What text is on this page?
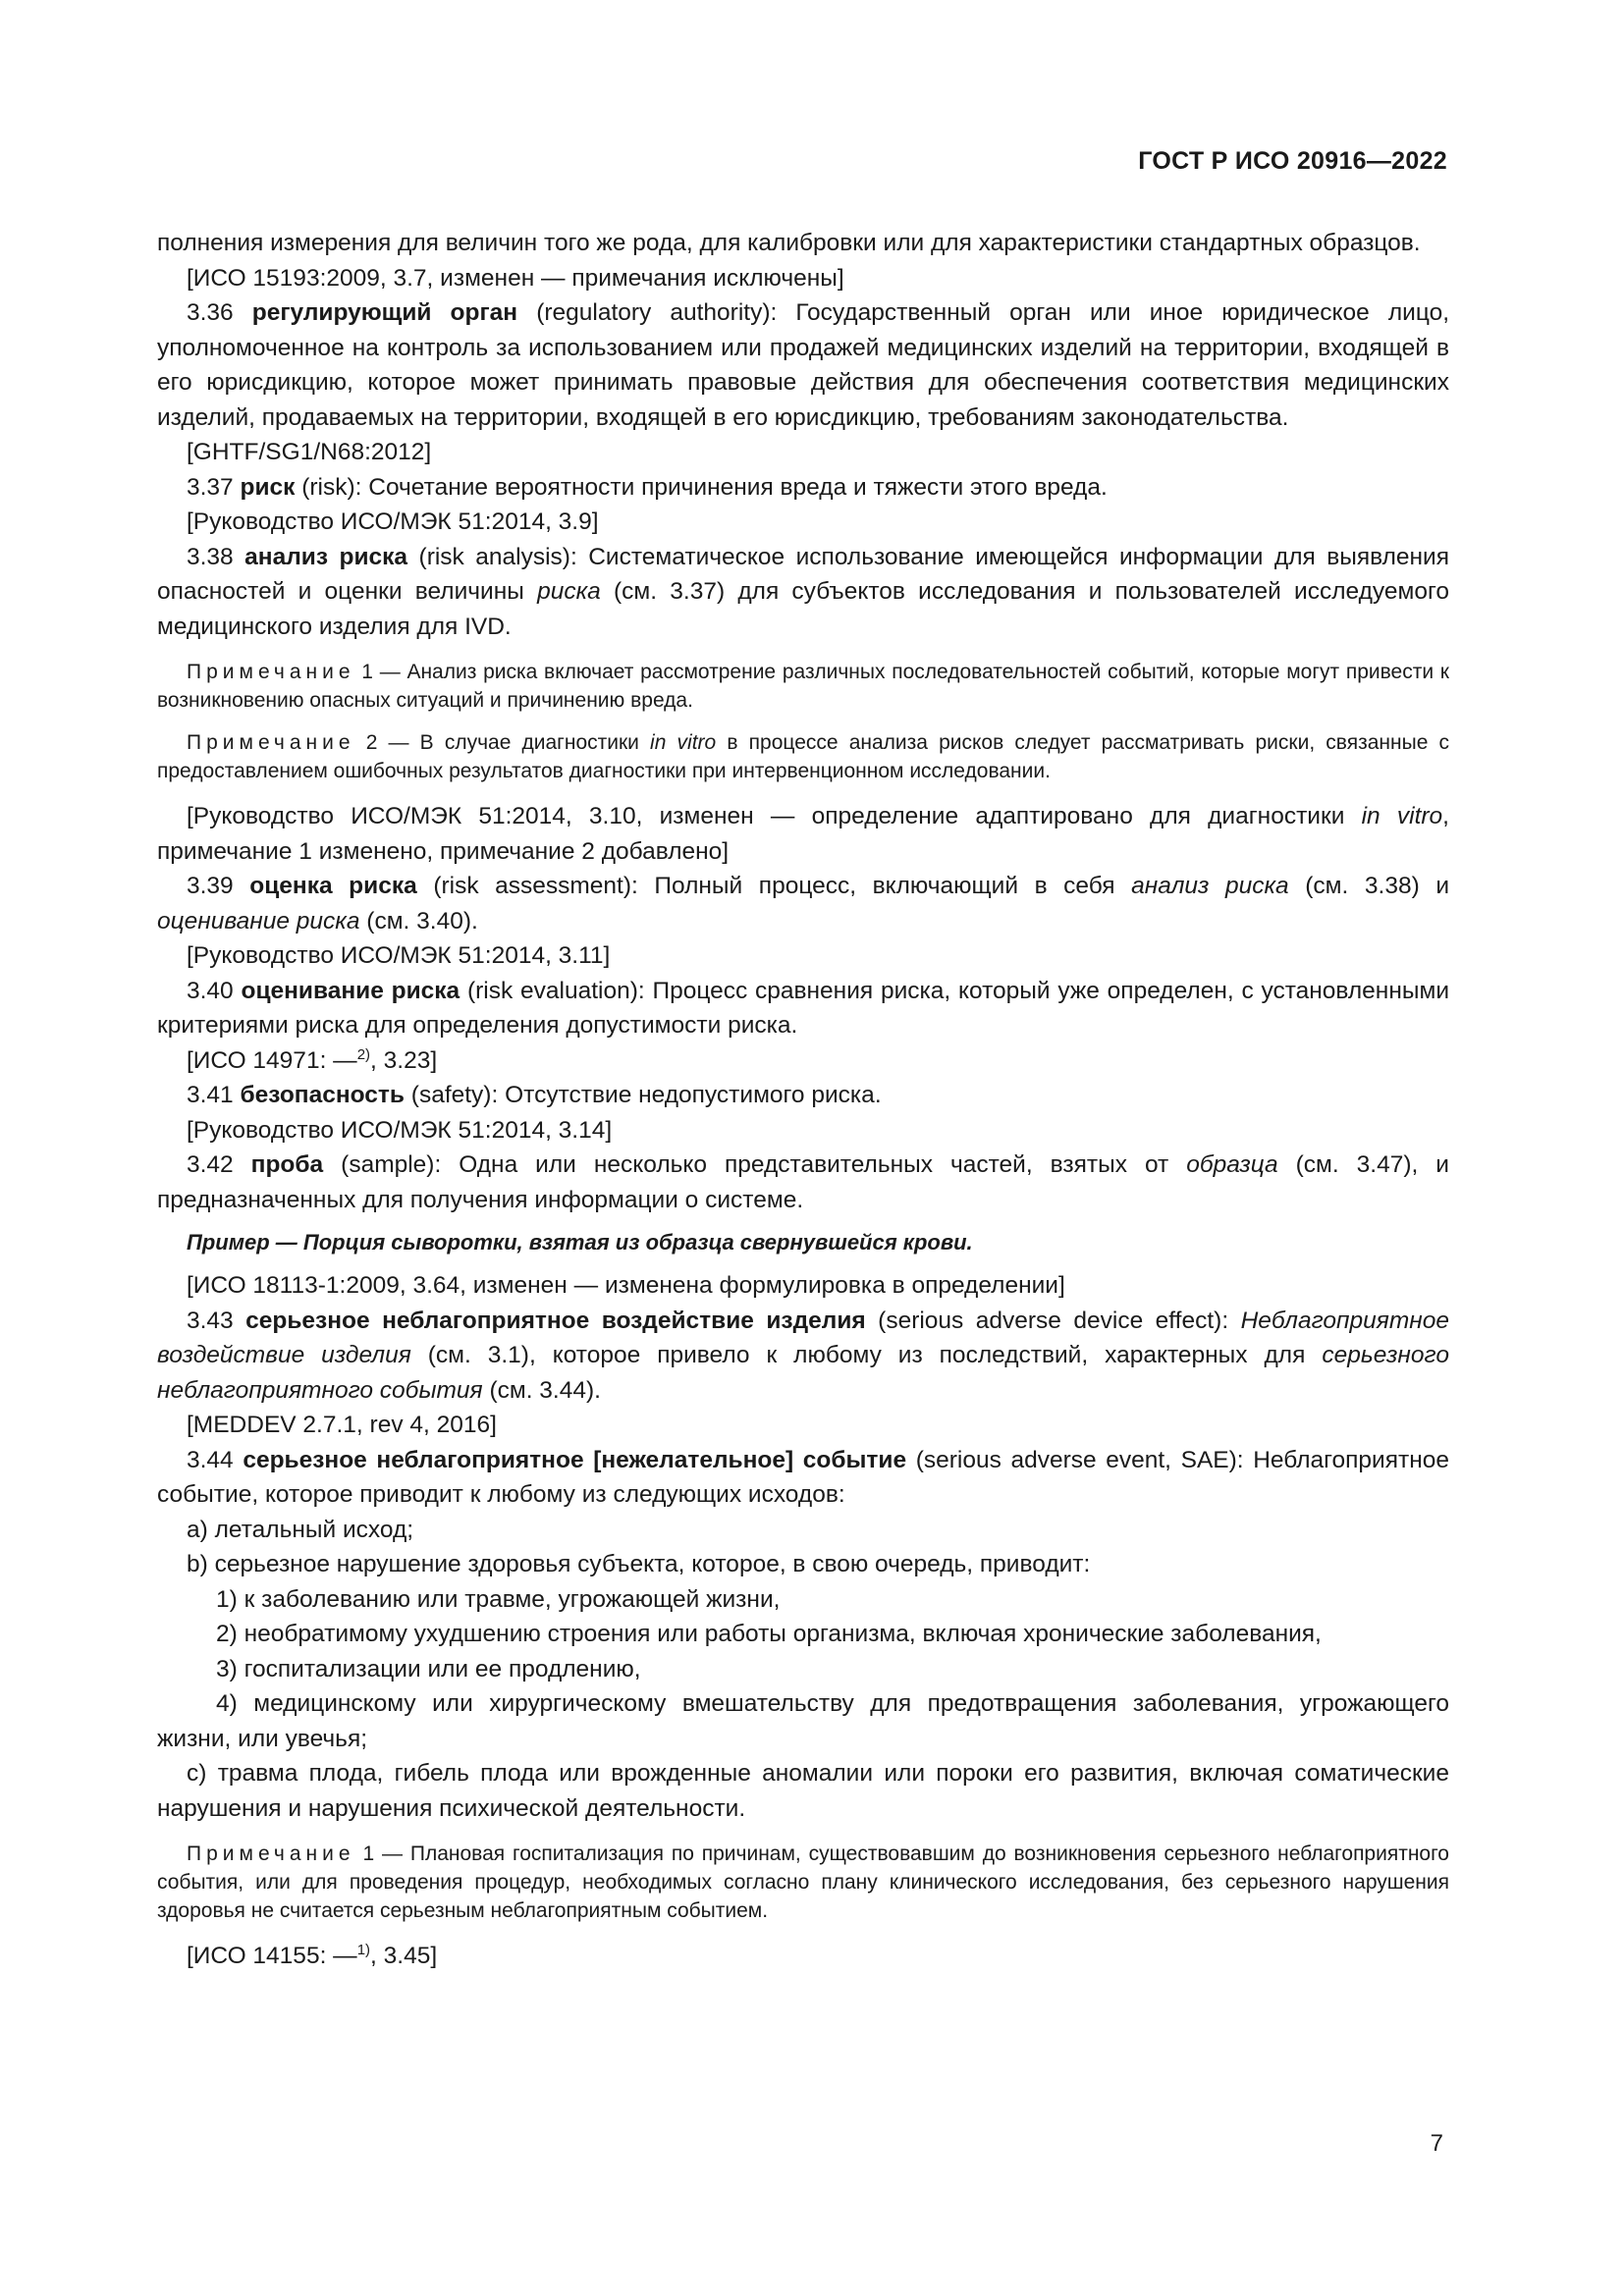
ГОСТ Р ИСО 20916—2022

полнения измерения для величин того же рода, для калибровки или для характеристики стандартных образцов.

[ИСО 15193:2009, 3.7, изменен — примечания исключены]

3.36 регулирующий орган (regulatory authority): Государственный орган или иное юридическое лицо, уполномоченное на контроль за использованием или продажей медицинских изделий на территории, входящей в его юрисдикцию, которое может принимать правовые действия для обеспечения соответствия медицинских изделий, продаваемых на территории, входящей в его юрисдикцию, требованиям законодательства.

[GHTF/SG1/N68:2012]

3.37 риск (risk): Сочетание вероятности причинения вреда и тяжести этого вреда.

[Руководство ИСО/МЭК 51:2014, 3.9]

3.38 анализ риска (risk analysis): Систематическое использование имеющейся информации для выявления опасностей и оценки величины риска (см. 3.37) для субъектов исследования и пользователей исследуемого медицинского изделия для IVD.

Примечание 1 — Анализ риска включает рассмотрение различных последовательностей событий, которые могут привести к возникновению опасных ситуаций и причинению вреда.

Примечание 2 — В случае диагностики in vitro в процессе анализа рисков следует рассматривать риски, связанные с предоставлением ошибочных результатов диагностики при интервенционном исследовании.

[Руководство ИСО/МЭК 51:2014, 3.10, изменен — определение адаптировано для диагностики in vitro, примечание 1 изменено, примечание 2 добавлено]

3.39 оценка риска (risk assessment): Полный процесс, включающий в себя анализ риска (см. 3.38) и оценивание риска (см. 3.40).

[Руководство ИСО/МЭК 51:2014, 3.11]

3.40 оценивание риска (risk evaluation): Процесс сравнения риска, который уже определен, с установленными критериями риска для определения допустимости риска.

[ИСО 14971: —$^{2)}$, 3.23]

3.41 безопасность (safety): Отсутствие недопустимого риска.

[Руководство ИСО/МЭК 51:2014, 3.14]

3.42 проба (sample): Одна или несколько представительных частей, взятых от образца (см. 3.47), и предназначенных для получения информации о системе.

Пример — Порция сыворотки, взятая из образца свернувшейся крови.

[ИСО 18113-1:2009, 3.64, изменен — изменена формулировка в определении]

3.43 серьезное неблагоприятное воздействие изделия (serious adverse device effect): Неблагоприятное воздействие изделия (см. 3.1), которое привело к любому из последствий, характерных для серьезного неблагоприятного события (см. 3.44).

[MEDDEV 2.7.1, rev 4, 2016]

3.44 серьезное неблагоприятное [нежелательное] событие (serious adverse event, SAE): Неблагоприятное событие, которое приводит к любому из следующих исходов:

а) летальный исход;

b) серьезное нарушение здоровья субъекта, которое, в свою очередь, приводит:

1) к заболеванию или травме, угрожающей жизни,

2) необратимому ухудшению строения или работы организма, включая хронические заболевания,

3) госпитализации или ее продлению,

4) медицинскому или хирургическому вмешательству для предотвращения заболевания, угрожающего жизни, или увечья;

с) травма плода, гибель плода или врожденные аномалии или пороки его развития, включая соматические нарушения и нарушения психической деятельности.

Примечание 1 — Плановая госпитализация по причинам, существовавшим до возникновения серьезного неблагоприятного события, или для проведения процедур, необходимых согласно плану клинического исследования, без серьезного нарушения здоровья не считается серьезным неблагоприятным событием.

[ИСО 14155: —$^{1)}$, 3.45]

7
